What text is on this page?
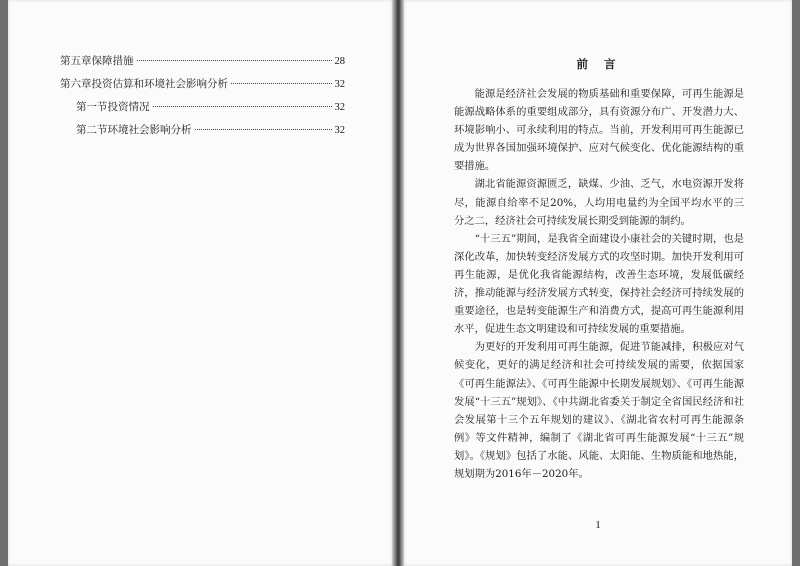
第五章保障措施	28
第六章投资估算和环境社会影响分析	32
第一节投资情况	32
第二节环境社会影响分析	32
前 言

能源是经济社会发展的物质基础和重要保障，可再生能源是能源战略体系的重要组成部分，具有资源分布广、开发潜力大、环境影响小、可永续利用的特点。当前，开发利用可再生能源已成为世界各国加强环境保护、应对气候变化、优化能源结构的重要措施。

湖北省能源资源匮乏，缺煤、少油、乏气，水电资源开发将尽，能源自给率不足20%，人均用电量约为全国平均水平的三分之二，经济社会可持续发展长期受到能源的制约。

“十三五”期间，是我省全面建设小康社会的关键时期，也是深化改革，加快转变经济发展方式的攻坚时期。加快开发利用可再生能源，是优化我省能源结构，改善生态环境，发展低碳经济，推动能源与经济发展方式转变，保持社会经济可持续发展的重要途径，也是转变能源生产和消费方式，提高可再生能源利用水平，促进生态文明建设和可持续发展的重要措施。

为更好的开发利用可再生能源，促进节能减排，积极应对气候变化，更好的满足经济和社会可持续发展的需要，依据国家《可再生能源法》、《可再生能源中长期发展规划》、《可再生能源发展“十三五”规划》、《中共湖北省委关于制定全省国民经济和社会发展第十三个五年规划的建议》、《湖北省农村可再生能源条例》等文件精神，编制了《湖北省可再生能源发展“十三五”规划》。《规划》包括了水能、风能、太阳能、生物质能和地热能，规划期为2016年－2020年。

1
